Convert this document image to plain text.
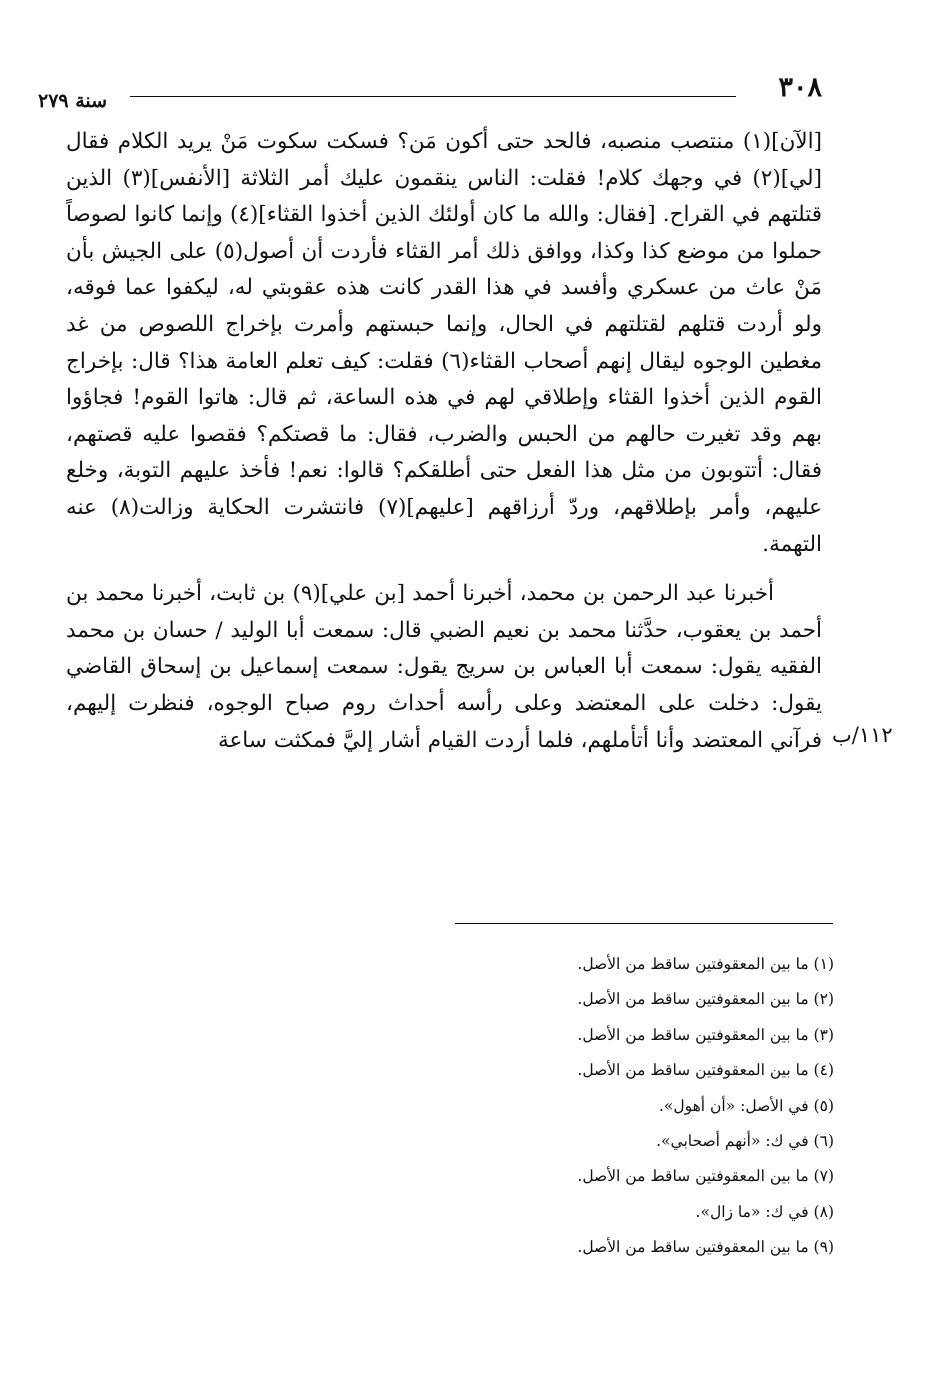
٣٠٨
سنة ٢٧٩

[الآن](١) منتصب منصبه، فالحد حتى أكون مَن؟ فسكت سكوت مَنْ يريد الكلام فقال [لي](٢) في وجهك كلام! فقلت: الناس ينقمون عليك أمر الثلاثة [الأنفس](٣) الذين قتلتهم في القراح. [فقال: والله ما كان أولئك الذين أخذوا القثاء](٤) وإنما كانوا لصوصاً حملوا من موضع كذا وكذا، ووافق ذلك أمر القثاء فأردت أن أصول(٥) على الجيش بأن مَنْ عاث من عسكري وأفسد في هذا القدر كانت هذه عقوبتي له، ليكفوا عما فوقه، ولو أردت قتلهم لقتلتهم في الحال، وإنما حبستهم وأمرت بإخراج اللصوص من غد مغطين الوجوه ليقال إنهم أصحاب القثاء(٦) فقلت: كيف تعلم العامة هذا؟ قال: بإخراج القوم الذين أخذوا القثاء وإطلاقي لهم في هذه الساعة، ثم قال: هاتوا القوم! فجاؤوا بهم وقد تغيرت حالهم من الحبس والضرب، فقال: ما قصتكم؟ فقصوا عليه قصتهم، فقال: أتتوبون من مثل هذا الفعل حتى أطلقكم؟ قالوا: نعم! فأخذ عليهم التوبة، وخلع عليهم، وأمر بإطلاقهم، وردّ أرزاقهم [عليهم](٧) فانتشرت الحكاية وزالت(٨) عنه التهمة.

أخبرنا عبد الرحمن بن محمد، أخبرنا أحمد [بن علي](٩) بن ثابت، أخبرنا محمد بن أحمد بن يعقوب، حدَّثنا محمد بن نعيم الضبي قال: سمعت أبا الوليد / حسان بن محمد الفقيه يقول: سمعت أبا العباس بن سريج يقول: سمعت إسماعيل بن إسحاق القاضي يقول: دخلت على المعتضد وعلى رأسه أحداث روم صباح الوجوه، فنظرت إليهم، فرآني المعتضد وأنا أتأملهم، فلما أردت القيام أشار إليَّ فمكثت ساعة ١١٢/ب
(١) ما بين المعقوفتين ساقط من الأصل.
(٢) ما بين المعقوفتين ساقط من الأصل.
(٣) ما بين المعقوفتين ساقط من الأصل.
(٤) ما بين المعقوفتين ساقط من الأصل.
(٥) في الأصل: «أن أهول».
(٦) في ك: «أنهم أصحابي».
(٧) ما بين المعقوفتين ساقط من الأصل.
(٨) في ك: «ما زال».
(٩) ما بين المعقوفتين ساقط من الأصل.
